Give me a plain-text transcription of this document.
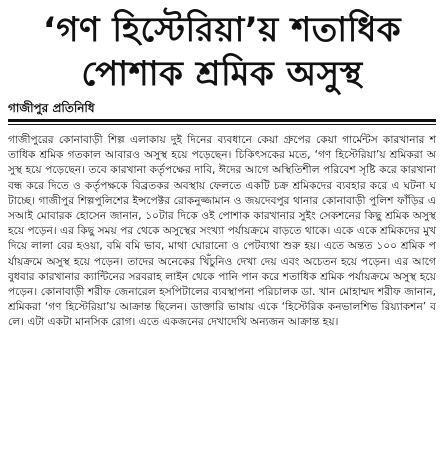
‘গণ হিস্টেরিয়া’য় শতাধিক
পোশাক শ্রমিক অসুস্থ
গাজীপুর প্রতিনিধি

গাজীপুরের কোনাবাড়ী শিল্প এলাকায় দুই দিনের ব্যবধানে কেয়া গ্রুপের কেয়া গার্মেন্টস কারখানার শতাধিক শ্রমিক গতকাল আবারও অসুস্থ হয়ে পড়েছেন। চিকিৎসকের মতে, ‘গণ হিস্টেরিয়া’য় শ্রমিকরা অসুস্থ হয়ে পড়েছেন। তবে কারখানা কর্তৃপক্ষের দাবি, ঈদের আগে অস্থিতিশীল পরিবেশ সৃষ্টি করে কারখানা বন্ধ করে দিতে ও কর্তৃপক্ষকে বিব্রতকর অবস্থায় ফেলতে একটি চক্র শ্রমিকদের ব্যবহার করে এ ঘটনা ঘটাচ্ছে। গাজীপুর শিল্পপুলিশের ইন্সপেক্টর রোকনুজ্জামান ও জয়দেবপুর থানার কোনাবাড়ী পুলিশ ফাঁড়ির এসআই মোবারক হোসেন জানান, ১০টার দিকে ওই পোশাক কারখানার সুইং সেকশনের কিছু শ্রমিক অসুস্থ হয়ে পড়েন। এর কিছু সময় পর থেকে অসুস্থের সংখ্যা পর্যায়ক্রমে বাড়তে থাকে। একে একে শ্রমিকদের মুখ দিয়ে লালা বের হওয়া, বমি বমি ভাব, মাথা ঘোরানো ও পেটব্যথা শুরু হয়। এতে অন্তত ১০০ শ্রমিক পর্যায়ক্রমে অসুস্থ হয়ে পড়েন। তাদের অনেকের খিঁচুনিও দেখা দেয় এবং অচেতন হয়ে পড়েন। এর আগে বুধবার কারখানার ক্যান্টিনের সরবরাহ লাইন থেকে পানি পান করে শতাধিক শ্রমিক পর্যায়ক্রমে অসুস্থ হয়ে পড়েন। কোনাবাড়ী শরীফ জেনারেল হসপিটালের ব্যবস্থাপনা পরিচালক ডা. খান মোহাম্মদ শরীফ জানান, শ্রমিকরা ‘গণ হিস্টেরিয়া’য় আক্রান্ত ছিলেন। ডাক্তারি ভাষায় একে ‘হিস্টেরিক কনভালশিভ রিয়্যাকশন’ বলে। এটা একটা মানসিক রোগ। এতে একজনের দেখাদেখি অন্যজন আক্রান্ত হয়।
